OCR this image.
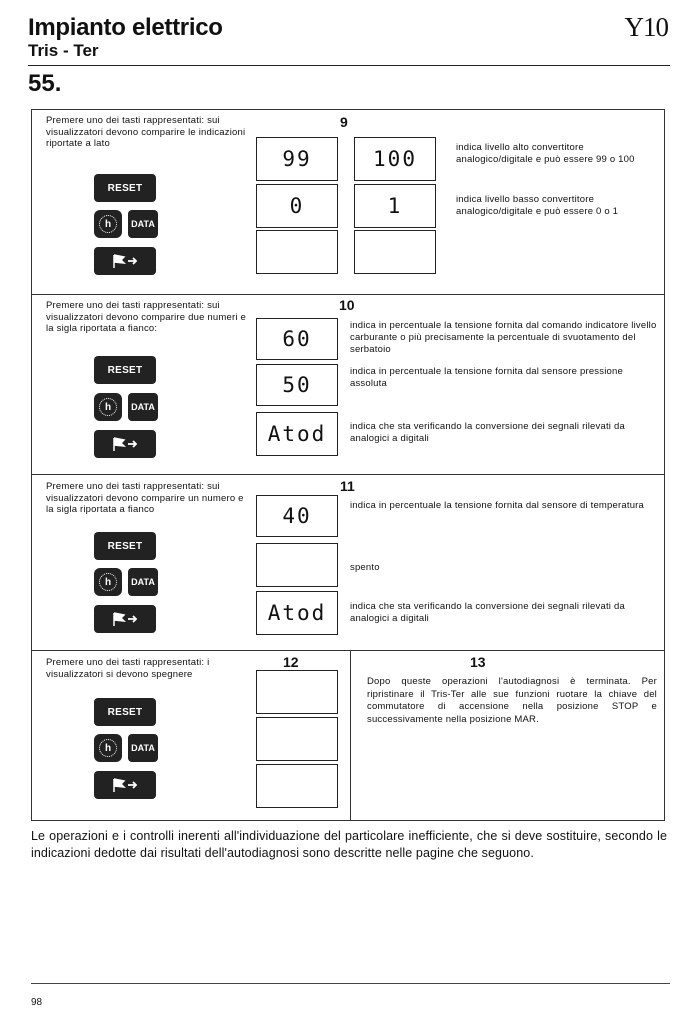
Impianto elettrico
Tris - Ter
Y10
55.
Premere uno dei tasti rappresentati: sui visualizzatori devono comparire le indicazioni riportate a lato
9
RESET
h	DATA
99	100
0	1
indica livello alto convertitore analogico/digitale e può essere 99 o 100
indica livello basso convertitore analogico/digitale e può essere 0 o 1
Premere uno dei tasti rappresentati: sui visualizzatori devono comparire due numeri e la sigla riportata a fianco:
10
RESET
h	DATA
60
50
Atod
indica in percentuale la tensione fornita dal comando indicatore livello carburante o più precisamente la percentuale di svuotamento del serbatoio
indica in percentuale la tensione fornita dal sensore pressione assoluta
indica che sta verificando la conversione dei segnali rilevati da analogici a digitali
Premere uno dei tasti rappresentati: sui visualizzatori devono comparire un numero e la sigla riportata a fianco
11
RESET
h	DATA
40
Atod
indica in percentuale la tensione fornita dal sensore di temperatura
spento
indica che sta verificando la conversione dei segnali rilevati da analogici a digitali
Premere uno dei tasti rappresentati: i visualizzatori si devono spegnere
12
RESET
h	DATA
13
Dopo queste operazioni l'autodiagnosi è terminata. Per ripristinare il Tris-Ter alle sue funzioni ruotare la chiave del commutatore di accensione nella posizione STOP e successivamente nella posizione MAR.
Le operazioni e i controlli inerenti all'individuazione del particolare inefficiente, che si deve sostituire, secondo le indicazioni dedotte dai risultati dell'autodiagnosi sono descritte nelle pagine che seguono.
98
